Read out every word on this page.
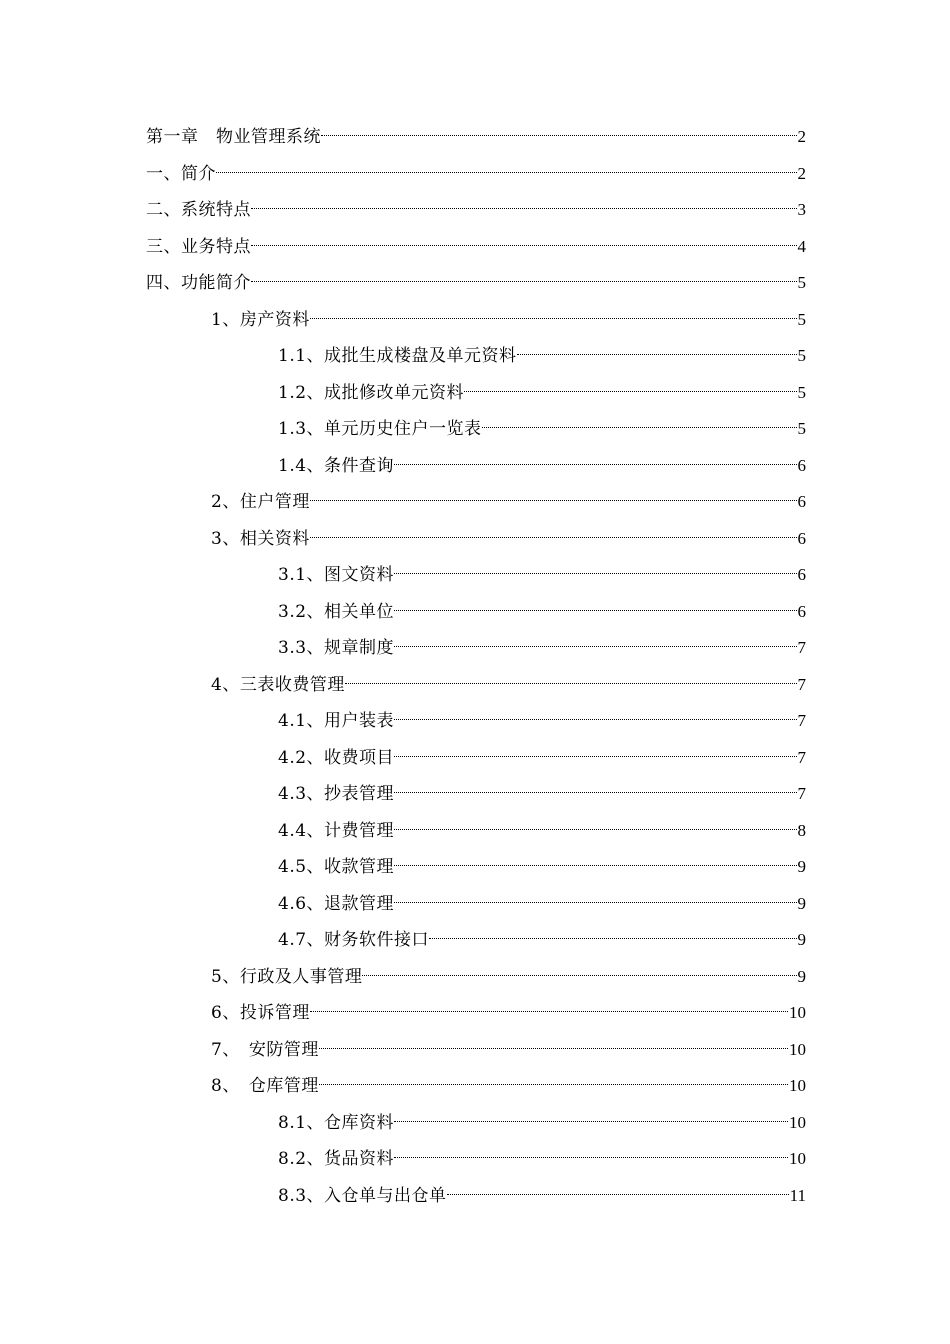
第一章　物业管理系统	2
一、简介	2
二、系统特点	3
三、业务特点	4
四、功能简介	5
1、房产资料	5
1.1、成批生成楼盘及单元资料	5
1.2、成批修改单元资料	5
1.3、单元历史住户一览表	5
1.4、条件查询	6
2、住户管理	6
3、相关资料	6
3.1、图文资料	6
3.2、相关单位	6
3.3、规章制度	7
4、三表收费管理	7
4.1、用户装表	7
4.2、收费项目	7
4.3、抄表管理	7
4.4、计费管理	8
4.5、收款管理	9
4.6、退款管理	9
4.7、财务软件接口	9
5、行政及人事管理	9
6、投诉管理	10
7、　安防管理	10
8、　仓库管理	10
8.1、仓库资料	10
8.2、货品资料	10
8.3、入仓单与出仓单	11
